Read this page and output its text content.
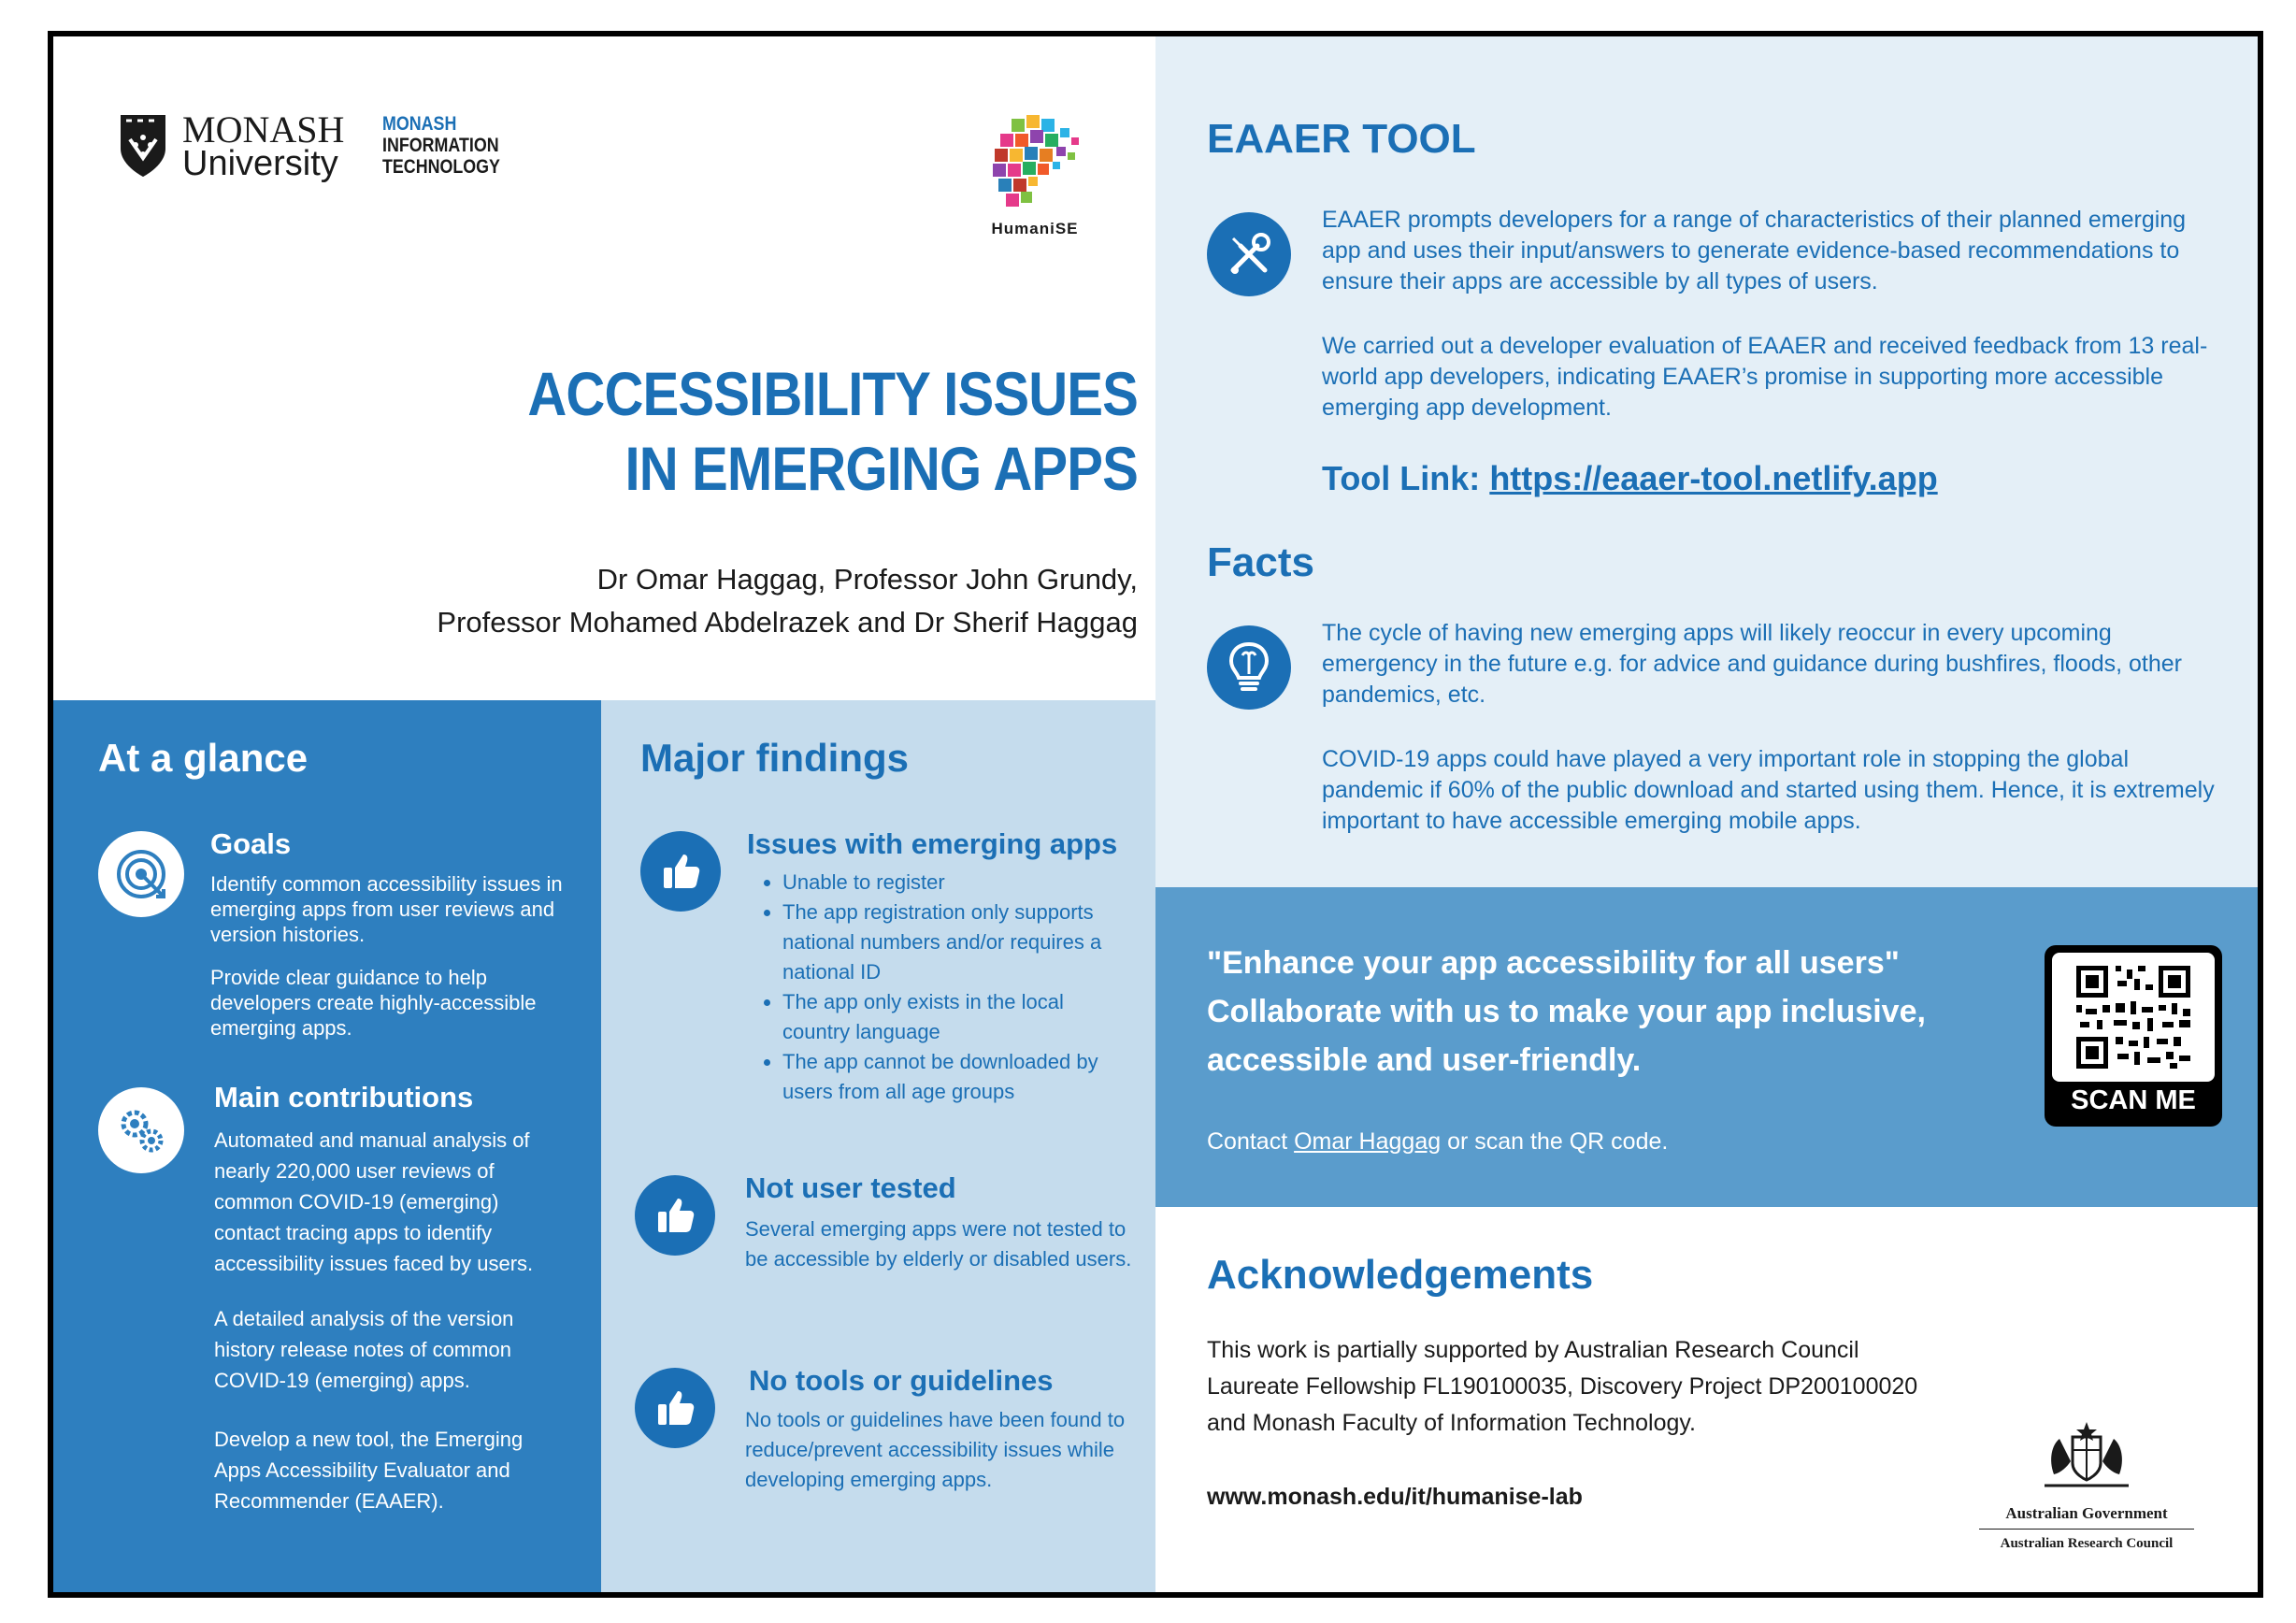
MONASH
University
MONASH
INFORMATION
TECHNOLOGY
HumaniSE
ACCESSIBILITY ISSUES
IN EMERGING APPS
Dr Omar Haggag, Professor John Grundy,
Professor Mohamed Abdelrazek and Dr Sherif Haggag
At a glance
Goals
Identify common accessibility issues in emerging apps from user reviews and version histories.
Provide clear guidance to help developers create highly-accessible emerging apps.
Main contributions
Automated and manual analysis of nearly 220,000 user reviews of common COVID-19 (emerging) contact tracing apps to identify accessibility issues faced by users.
A detailed analysis of the version history release notes of common COVID-19 (emerging) apps.
Develop a new tool, the Emerging Apps Accessibility Evaluator and Recommender (EAAER).
Major findings
Issues with emerging apps
• Unable to register
• The app registration only supports national numbers and/or requires a national ID
• The app only exists in the local country language
• The app cannot be downloaded by users from all age groups
Not user tested
Several emerging apps were not tested to be accessible by elderly or disabled users.
No tools or guidelines
No tools or guidelines have been found to reduce/prevent accessibility issues while developing emerging apps.
EAAER TOOL
EAAER prompts developers for a range of characteristics of their planned emerging app and uses their input/answers to generate evidence-based recommendations to ensure their apps are accessible by all types of users.
We carried out a developer evaluation of EAAER and received feedback from 13 real-world app developers, indicating EAAER’s promise in supporting more accessible emerging app development.
Tool Link: https://eaaer-tool.netlify.app
Facts
The cycle of having new emerging apps will likely reoccur in every upcoming emergency in the future e.g. for advice and guidance during bushfires, floods, other pandemics, etc.
COVID-19 apps could have played a very important role in stopping the global pandemic if 60% of the public download and started using them. Hence, it is extremely important to have accessible emerging mobile apps.
"Enhance your app accessibility for all users"
Collaborate with us to make your app inclusive,
accessible and user-friendly.
Contact Omar Haggag or scan the QR code.
SCAN ME
Acknowledgements
This work is partially supported by Australian Research Council
Laureate Fellowship FL190100035, Discovery Project DP200100020
and Monash Faculty of Information Technology.
www.monash.edu/it/humanise-lab
Australian Government
Australian Research Council
